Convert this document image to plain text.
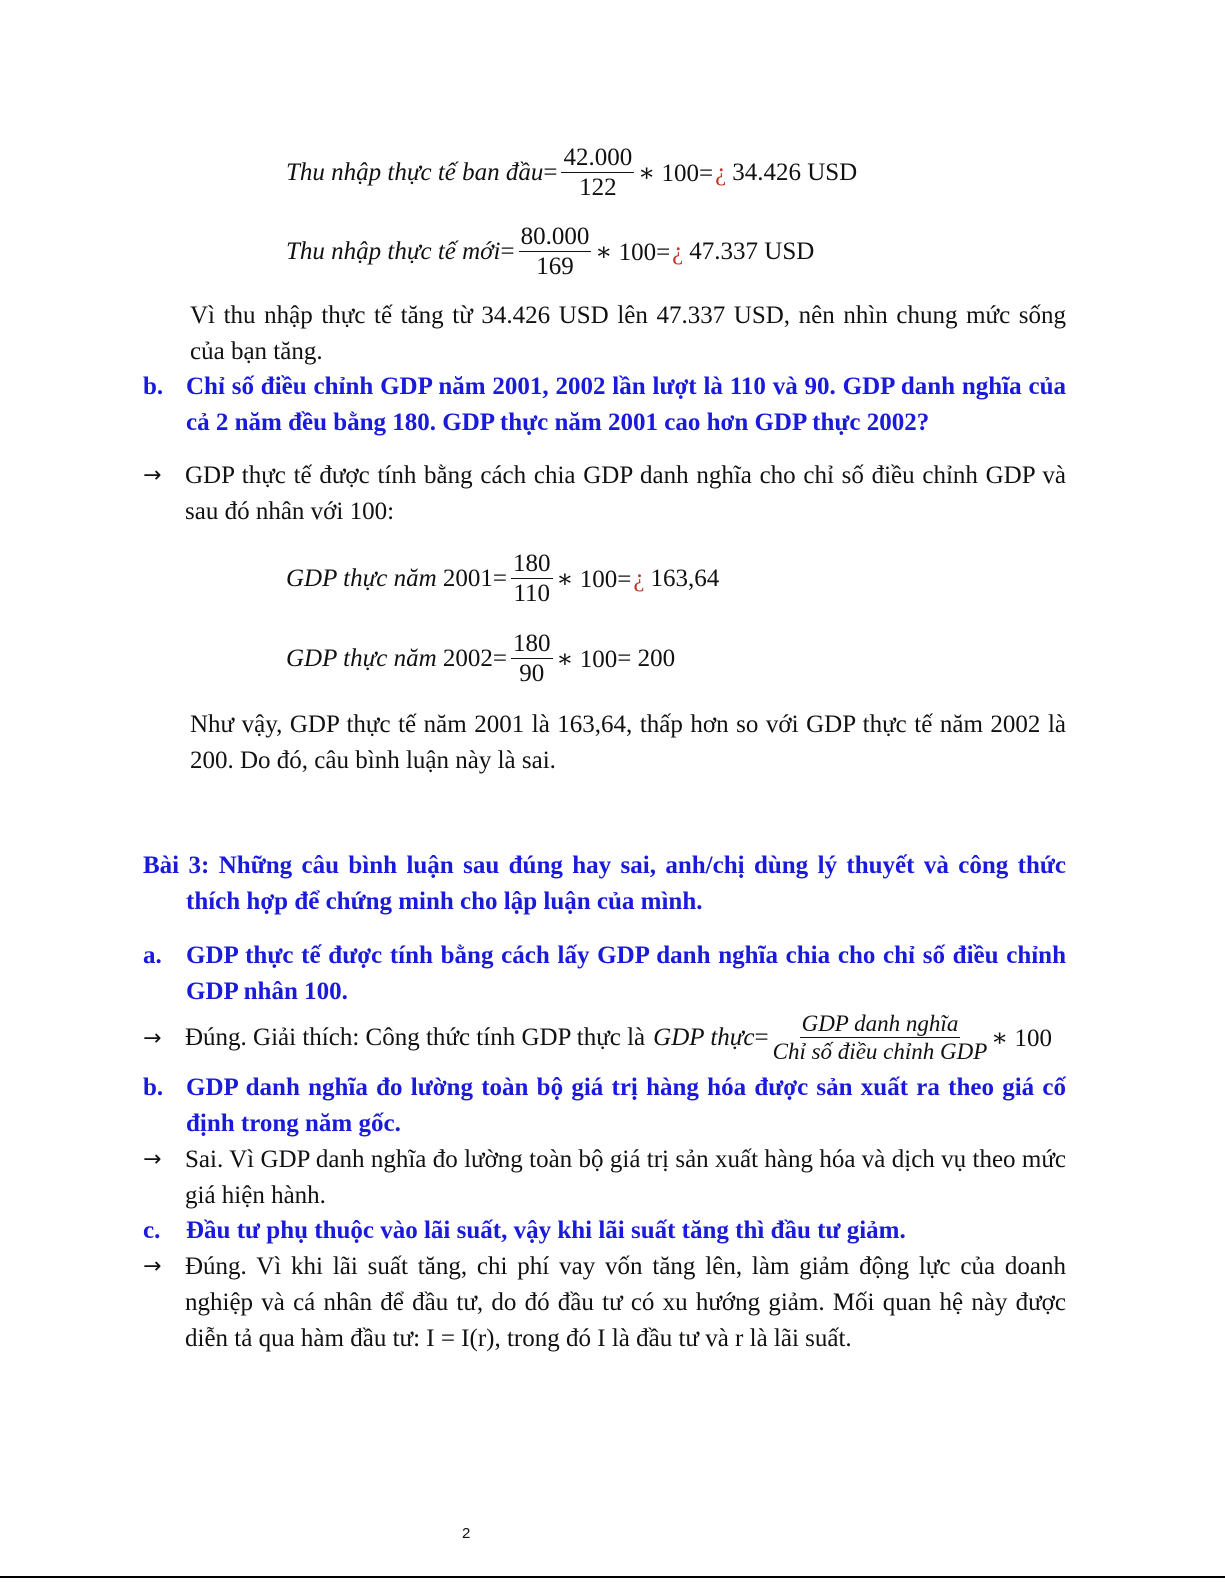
Thu nhập thực tế ban đầu = $\frac{42.000}{122}$ ∗ 100= ¿ 34.426 USD
Thu nhập thực tế mới = $\frac{80.000}{169}$ ∗ 100= ¿ 47.337 USD
Vì thu nhập thực tế tăng từ 34.426 USD lên 47.337 USD, nên nhìn chung mức sống của bạn tăng.
b. Chỉ số điều chỉnh GDP năm 2001, 2002 lần lượt là 110 và 90. GDP danh nghĩa của cả 2 năm đều bằng 180. GDP thực năm 2001 cao hơn GDP thực 2002?
→ GDP thực tế được tính bằng cách chia GDP danh nghĩa cho chỉ số điều chỉnh GDP và sau đó nhân với 100:
GDP thực năm
$2001 = \frac{180}{110}$ ∗ 100= ¿ 163,64
GDP thực năm
$2002 = \frac{180}{90}$ ∗ 100 =
200
Như vậy, GDP thực tế năm 2001 là 163,64, thấp hơn so với GDP thực tế năm 2002 là 200. Do đó, câu bình luận này là sai.
Bài 3: Những câu bình luận sau đúng hay sai, anh/chị dùng lý thuyết và công thức thích hợp để chứng minh cho lập luận của mình.
a. GDP thực tế được tính bằng cách lấy GDP danh nghĩa chia cho chỉ số điều chỉnh GDP nhân 100.
→ Đúng. Giải thích: Công thức tính GDP thực là GDP thực = $\frac{\text{GDP danh nghĩa}}{\text{Chỉ số điều chỉnh GDP}}$ ∗ 100
b. GDP danh nghĩa đo lường toàn bộ giá trị hàng hóa được sản xuất ra theo giá cố định trong năm gốc.
→ Sai. Vì GDP danh nghĩa đo lường toàn bộ giá trị sản xuất hàng hóa và dịch vụ theo mức giá hiện hành.
c.	Đầu tư phụ thuộc vào lãi suất, vậy khi lãi suất tăng thì đầu tư giảm.
→ Đúng. Vì khi lãi suất tăng, chi phí vay vốn tăng lên, làm giảm động lực của doanh nghiệp và cá nhân để đầu tư, do đó đầu tư có xu hướng giảm. Mối quan hệ này được diễn tả qua hàm đầu tư: I = I(r), trong đó I là đầu tư và r là lãi suất.
2
